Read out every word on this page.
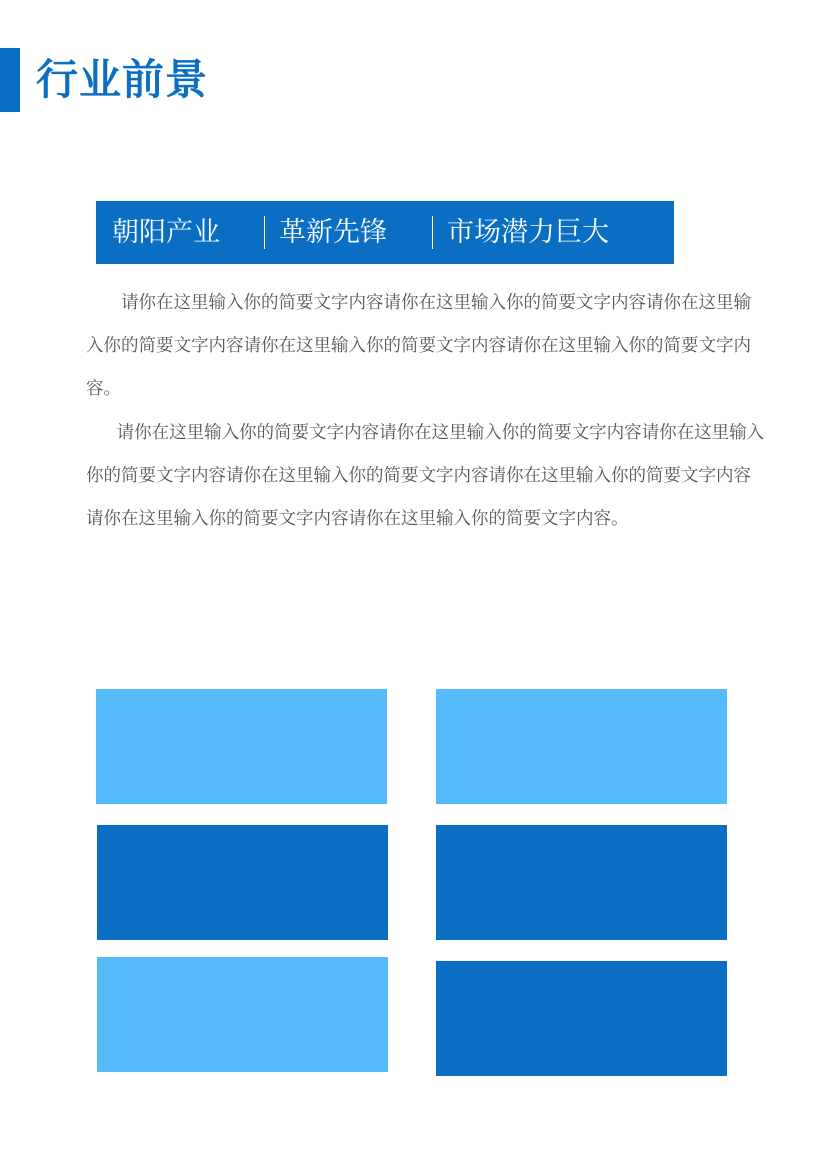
行业前景
朝阳产业 革新先锋 市场潜力巨大

请你在这里输入你的简要文字内容请你在这里输入你的简要文字内容请你在这里输入你的简要文字内容请你在这里输入你的简要文字内容请你在这里输入你的简要文字内容。

请你在这里输入你的简要文字内容请你在这里输入你的简要文字内容请你在这里输入你的简要文字内容请你在这里输入你的简要文字内容请你在这里输入你的简要文字内容请你在这里输入你的简要文字内容请你在这里输入你的简要文字内容。
